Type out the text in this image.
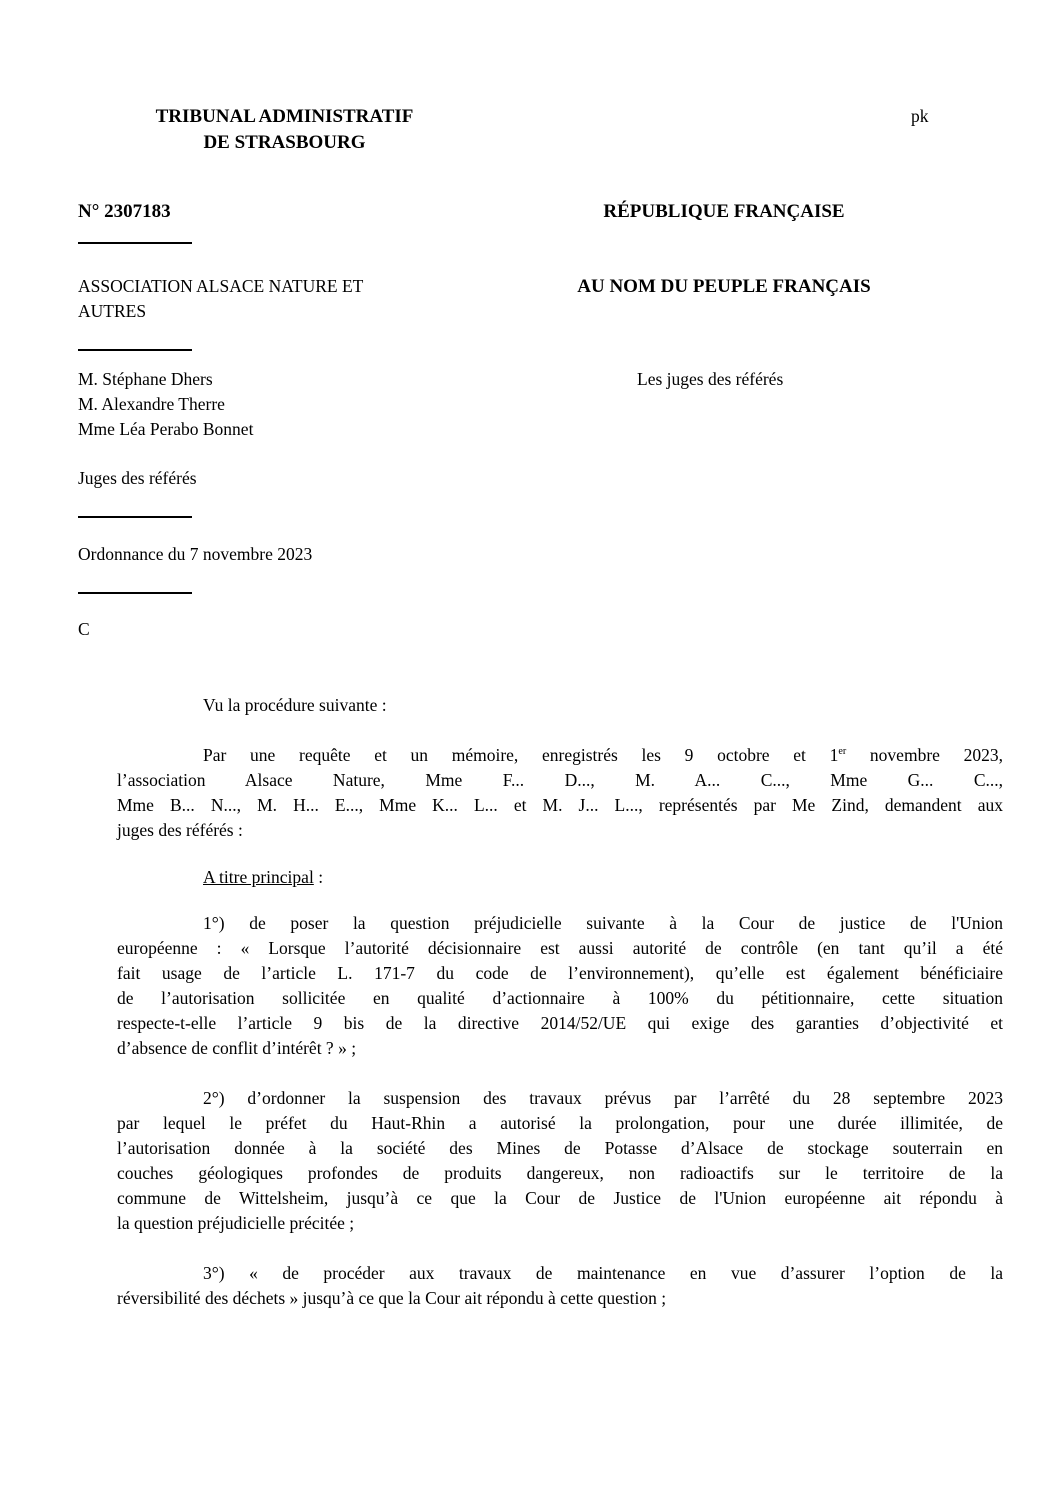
TRIBUNAL ADMINISTRATIF
DE STRASBOURG
pk
N° 2307183	RÉPUBLIQUE FRANÇAISE
ASSOCIATION ALSACE NATURE ET
AUTRES
AU NOM DU PEUPLE FRANÇAIS
M. Stéphane Dhers
M. Alexandre Therre
Mme Léa Perabo Bonnet
Les juges des référés
Juges des référés
Ordonnance du 7 novembre 2023
C

Vu la procédure suivante :

Par une requête et un mémoire, enregistrés les 9 octobre et 1er novembre 2023,
l’association Alsace Nature, Mme F... D..., M. A... C..., Mme G... C...,
Mme B... N..., M. H... E..., Mme K... L... et M. J... L..., représentés par Me Zind, demandent aux
juges des référés :

A titre principal :

1°) de poser la question préjudicielle suivante à la Cour de justice de l'Union
européenne : « Lorsque l’autorité décisionnaire est aussi autorité de contrôle (en tant qu’il a été
fait usage de l’article L. 171-7 du code de l’environnement), qu’elle est également bénéficiaire
de l’autorisation sollicitée en qualité d’actionnaire à 100% du pétitionnaire, cette situation
respecte-t-elle l’article 9 bis de la directive 2014/52/UE qui exige des garanties d’objectivité et
d’absence de conflit d’intérêt ? » ;
2°) d’ordonner la suspension des travaux prévus par l’arrêté du 28 septembre 2023
par lequel le préfet du Haut-Rhin a autorisé la prolongation, pour une durée illimitée, de
l’autorisation donnée à la société des Mines de Potasse d’Alsace de stockage souterrain en
couches géologiques profondes de produits dangereux, non radioactifs sur le territoire de la
commune de Wittelsheim, jusqu’à ce que la Cour de Justice de l'Union européenne ait répondu à
la question préjudicielle précitée ;
3°) « de procéder aux travaux de maintenance en vue d’assurer l’option de la
réversibilité des déchets » jusqu’à ce que la Cour ait répondu à cette question ;
